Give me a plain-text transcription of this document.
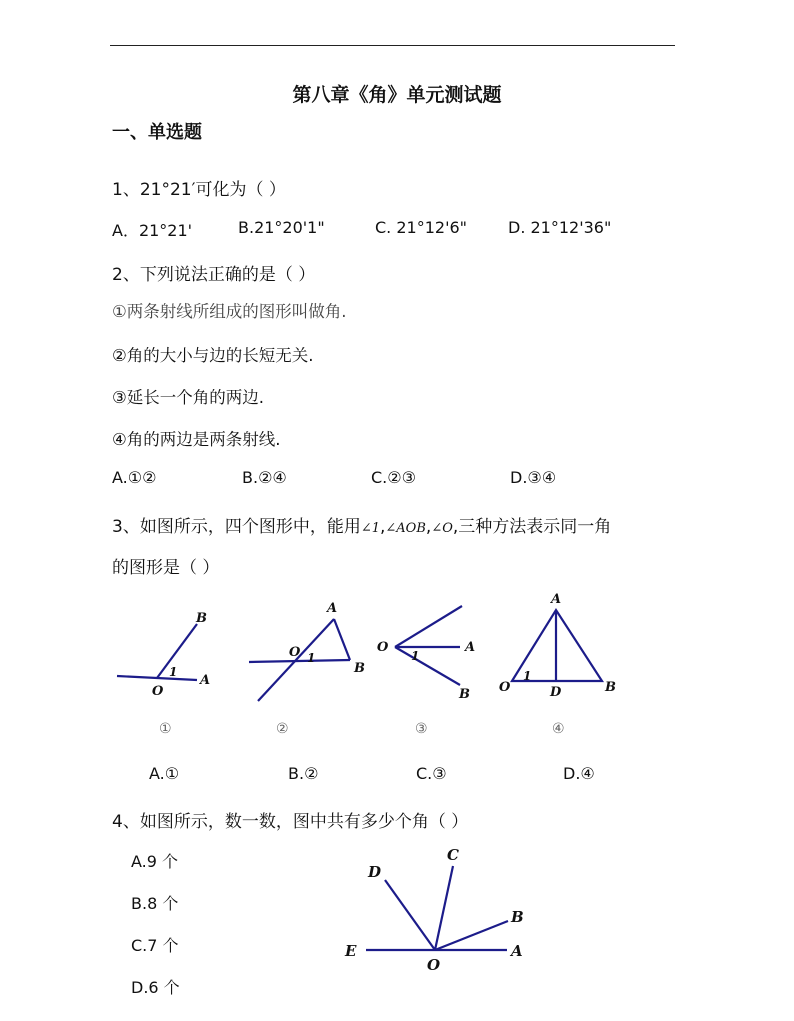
第八章《角》单元测试题
一、单选题
1、21°21′可化为（ ）
A．21°21'	B.21°20'1"	C. 21°12'6"	D. 21°12'36"
2、下列说法正确的是（ ）
①两条射线所组成的图形叫做角.
②角的大小与边的长短无关.
③延长一个角的两边.
④角的两边是两条射线.
A.①②	B.②④	C.②③	D.③④
3、如图所示，四个图形中，能用∠1,∠AOB,∠O,三种方法表示同一角
的图形是（ ）
B
1
O
A
A
O 1
B
O	A
1
B
A
O
1
D	B
①	②	③	④
A.①	B.②	C.③	D.④
4、如图所示，数一数，图中共有多少个角（ ）
A.9 个
B.8 个
C.7 个
D.6 个
C
D
B
E
O
A
